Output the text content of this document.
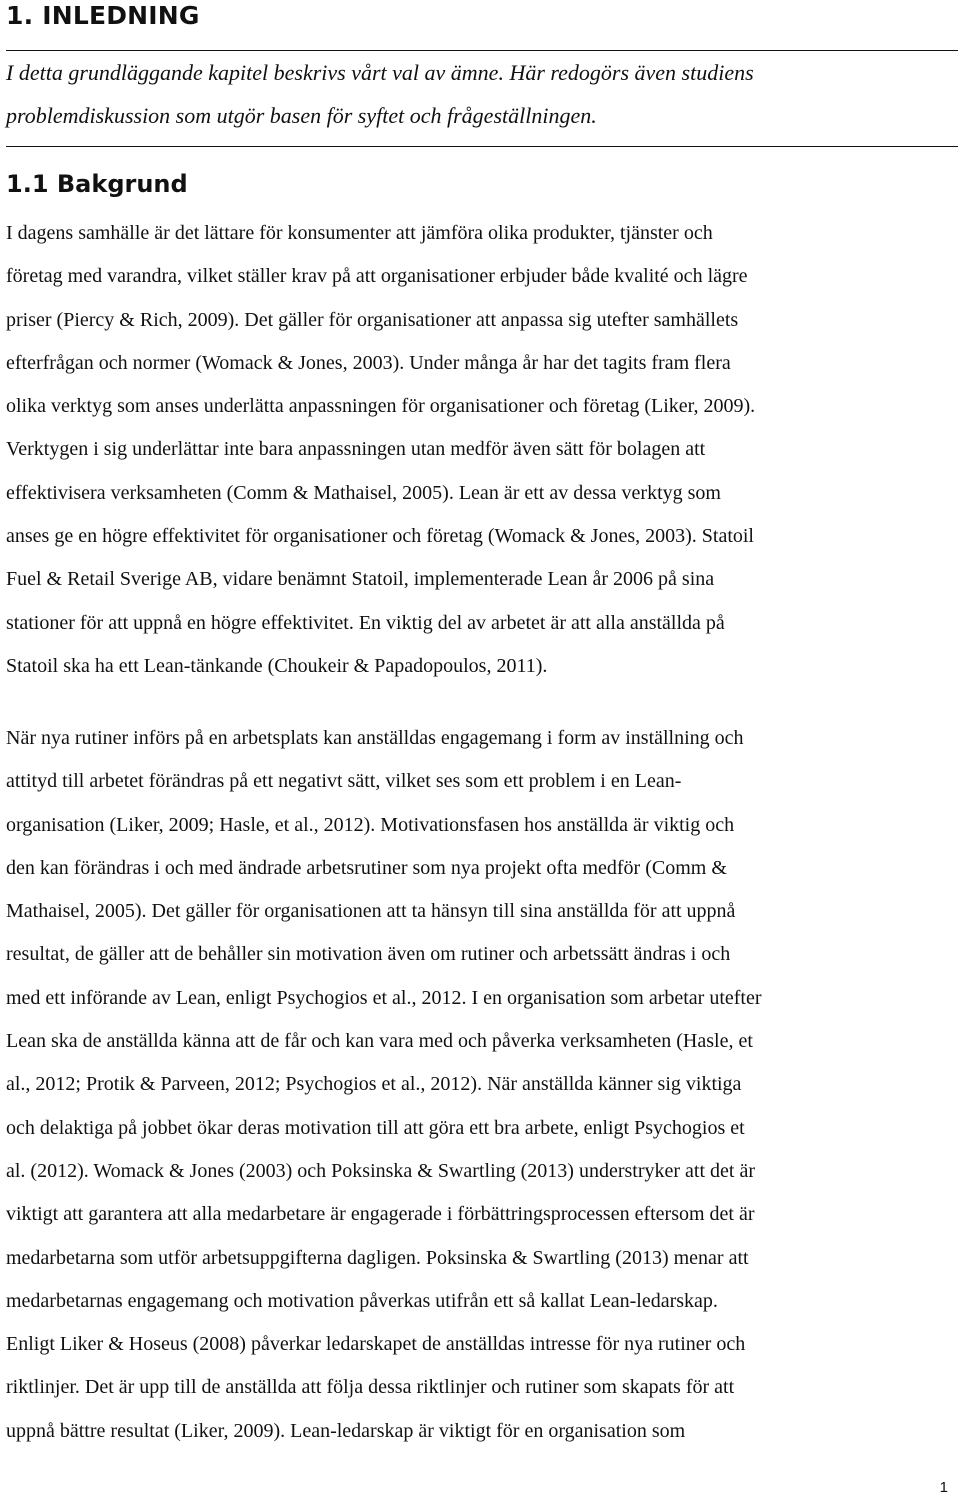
1. INLEDNING
I detta grundläggande kapitel beskrivs vårt val av ämne. Här redogörs även studiens
problemdiskussion som utgör basen för syftet och frågeställningen.
1.1 Bakgrund
I dagens samhälle är det lättare för konsumenter att jämföra olika produkter, tjänster och
företag med varandra, vilket ställer krav på att organisationer erbjuder både kvalité och lägre
priser (Piercy & Rich, 2009). Det gäller för organisationer att anpassa sig utefter samhällets
efterfrågan och normer (Womack & Jones, 2003). Under många år har det tagits fram flera
olika verktyg som anses underlätta anpassningen för organisationer och företag (Liker, 2009).
Verktygen i sig underlättar inte bara anpassningen utan medför även sätt för bolagen att
effektivisera verksamheten (Comm & Mathaisel, 2005). Lean är ett av dessa verktyg som
anses ge en högre effektivitet för organisationer och företag (Womack & Jones, 2003). Statoil
Fuel & Retail Sverige AB, vidare benämnt Statoil, implementerade Lean år 2006 på sina
stationer för att uppnå en högre effektivitet. En viktig del av arbetet är att alla anställda på
Statoil ska ha ett Lean-tänkande (Choukeir & Papadopoulos, 2011).
När nya rutiner införs på en arbetsplats kan anställdas engagemang i form av inställning och
attityd till arbetet förändras på ett negativt sätt, vilket ses som ett problem i en Lean-
organisation (Liker, 2009; Hasle, et al., 2012). Motivationsfasen hos anställda är viktig och
den kan förändras i och med ändrade arbetsrutiner som nya projekt ofta medför (Comm &
Mathaisel, 2005). Det gäller för organisationen att ta hänsyn till sina anställda för att uppnå
resultat, de gäller att de behåller sin motivation även om rutiner och arbetssätt ändras i och
med ett införande av Lean, enligt Psychogios et al., 2012. I en organisation som arbetar utefter
Lean ska de anställda känna att de får och kan vara med och påverka verksamheten (Hasle, et
al., 2012; Protik & Parveen, 2012; Psychogios et al., 2012). När anställda känner sig viktiga
och delaktiga på jobbet ökar deras motivation till att göra ett bra arbete, enligt Psychogios et
al. (2012). Womack & Jones (2003) och Poksinska & Swartling (2013) understryker att det är
viktigt att garantera att alla medarbetare är engagerade i förbättringsprocessen eftersom det är
medarbetarna som utför arbetsuppgifterna dagligen. Poksinska & Swartling (2013) menar att
medarbetarnas engagemang och motivation påverkas utifrån ett så kallat Lean-ledarskap.
Enligt Liker & Hoseus (2008) påverkar ledarskapet de anställdas intresse för nya rutiner och
riktlinjer. Det är upp till de anställda att följa dessa riktlinjer och rutiner som skapats för att
uppnå bättre resultat (Liker, 2009). Lean-ledarskap är viktigt för en organisation som
1
